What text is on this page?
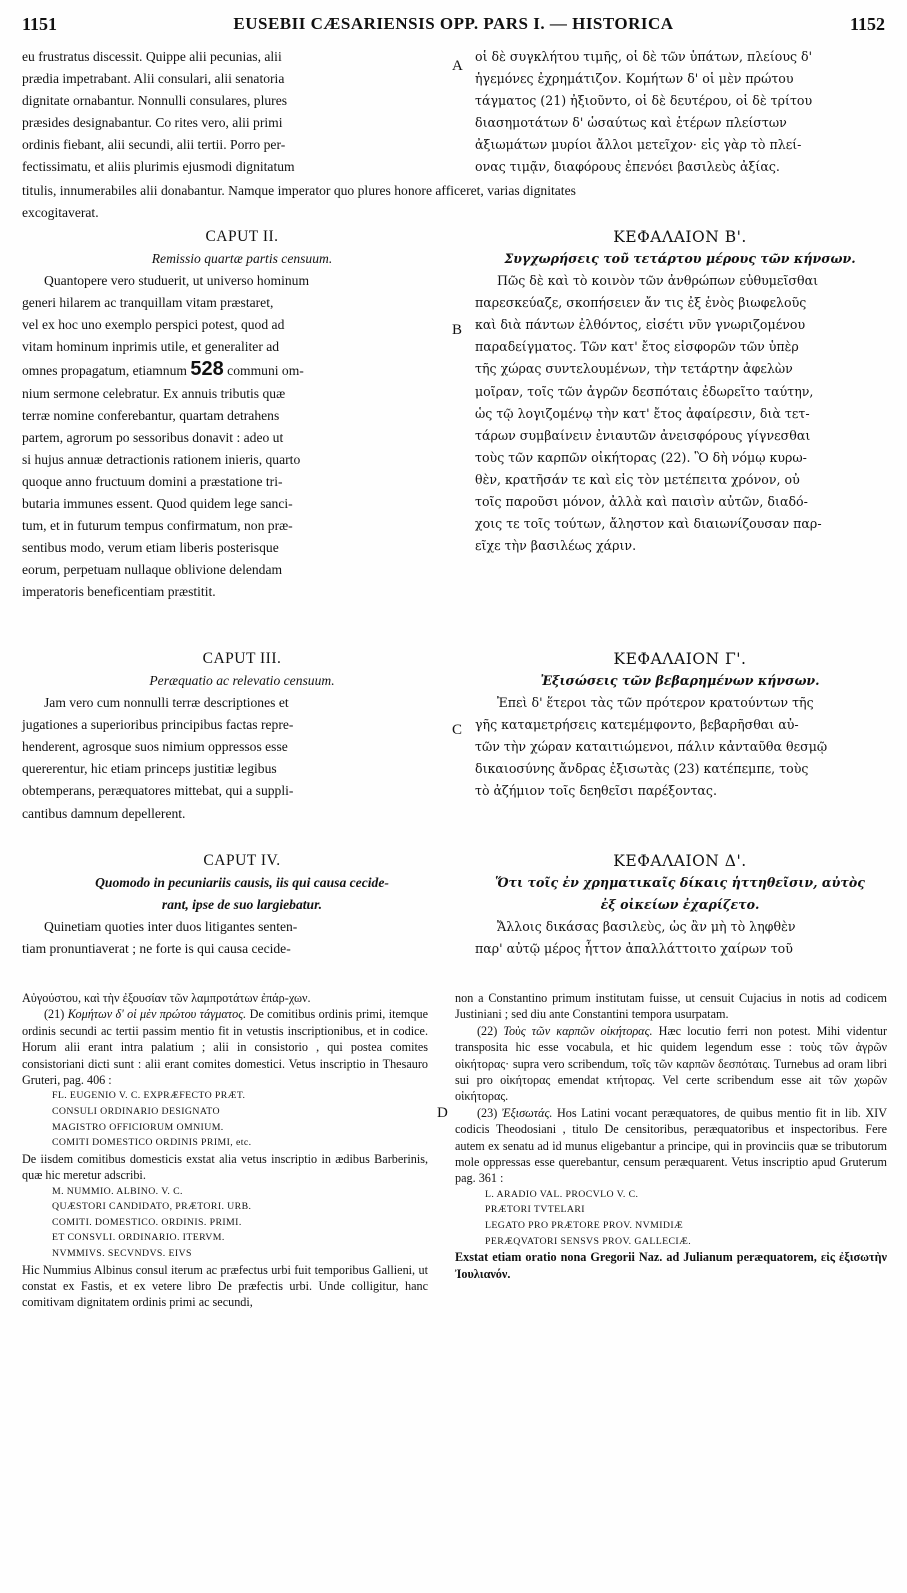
1151	EUSEBII CÆSARIENSIS OPP. PARS I. — HISTORICA	1152
A
B
C
D

eu frustratus discessit. Quippe alii pecunias, alii

prædia impetrabant. Alii consulari, alii senatoria

dignitate ornabantur. Nonnulli consulares, plures

præsides designabantur. Co rites vero, alii primi

ordinis fiebant, alii secundi, alii tertii. Porro per-

fectissimatu, et aliis plurimis ejusmodi dignitatum

οἱ δὲ συγκλήτου τιμῆς, οἱ δὲ τῶν ὑπάτων, πλείους δ'

ἡγεμόνες ἐχρημάτιζον. Κομήτων δ' οἱ μὲν πρώτου

τάγματος (21) ἠξιοῦντο, οἱ δὲ δευτέρου, οἱ δὲ τρίτου

διασημοτάτων δ' ὡσαύτως καὶ ἑτέρων πλείστων

ἀξιωμάτων μυρίοι ἄλλοι μετεῖχον· εἰς γὰρ τὸ πλεί-

ονας τιμᾷν, διαφόρους ἐπενόει βασιλεὺς ἀξίας.

titulis, innumerabiles alii donabantur. Namque imperator quo plures honore afficeret, varias dignitates

excogitaverat.

CAPUT II.

Remissio quartæ partis censuum.

Quantopere vero studuerit, ut universo hominum

generi hilarem ac tranquillam vitam præstaret,

vel ex hoc uno exemplo perspici potest, quod ad

vitam hominum inprimis utile, et generaliter ad

omnes propagatum, etiamnum 528 communi om-

nium sermone celebratur. Ex annuis tributis quæ

terræ nomine conferebantur, quartam detrahens

partem, agrorum po sessoribus donavit : adeo ut

si hujus annuæ detractionis rationem inieris, quarto

quoque anno fructuum domini a præstatione tri-

butaria immunes essent. Quod quidem lege sanci-

tum, et in futurum tempus confirmatum, non præ-

sentibus modo, verum etiam liberis posterisque

eorum, perpetuam nullaque oblivione delendam

imperatoris beneficentiam præstitit.

ΚΕΦΑΛΑΙΟΝ Β'.

Συγχωρήσεις τοῦ τετάρτου μέρους τῶν κήνσων.

Πῶς δὲ καὶ τὸ κοινὸν τῶν ἀνθρώπων εὐθυμεῖσθαι

παρεσκεύαζε, σκοπήσειεν ἄν τις ἐξ ἑνὸς βιωφελοῦς

καὶ διὰ πάντων ἐλθόντος, εἰσέτι νῦν γνωριζομένου

παραδείγματος. Τῶν κατ' ἔτος εἰσφορῶν τῶν ὑπὲρ

τῆς χώρας συντελουμένων, τὴν τετάρτην ἀφελὼν

μοῖραν, τοῖς τῶν ἀγρῶν δεσπόταις ἐδωρεῖτο ταύτην,

ὡς τῷ λογιζομένῳ τὴν κατ' ἔτος ἀφαίρεσιν, διὰ τετ-

τάρων συμβαίνειν ἐνιαυτῶν ἀνεισφόρους γίγνεσθαι

τοὺς τῶν καρπῶν οἰκήτορας (22). Ὃ δὴ νόμῳ κυρω-

θὲν, κρατῆσάν τε καὶ εἰς τὸν μετέπειτα χρόνον, οὐ

τοῖς παροῦσι μόνον, ἀλλὰ καὶ παισὶν αὐτῶν, διαδό-

χοις τε τοῖς τούτων, ἄληστον καὶ διαιωνίζουσαν παρ-

εῖχε τὴν βασιλέως χάριν.

CAPUT III.

Peræquatio ac relevatio censuum.

Jam vero cum nonnulli terræ descriptiones et

jugationes a superioribus principibus factas repre-

henderent, agrosque suos nimium oppressos esse

quererentur, hic etiam princeps justitiæ legibus

obtemperans, peræquatores mittebat, qui a suppli-

cantibus damnum depellerent.

ΚΕΦΑΛΑΙΟΝ Γ'.

Ἐξισώσεις τῶν βεβαρημένων κήνσων.

Ἐπεὶ δ' ἕτεροι τὰς τῶν πρότερον κρατούντων τῆς

γῆς καταμετρήσεις κατεμέμφοντο, βεβαρῆσθαι αὐ-

τῶν τὴν χώραν καταιτιώμενοι, πάλιν κἀνταῦθα θεσμῷ

δικαιοσύνης ἄνδρας ἐξισωτὰς (23) κατέπεμπε, τοὺς

τὸ ἀζήμιον τοῖς δεηθεῖσι παρέξοντας.

CAPUT IV.

Quomodo in pecuniariis causis, iis qui causa cecide-

rant, ipse de suo largiebatur.

Quinetiam quoties inter duos litigantes senten-

tiam pronuntiaverat ; ne forte is qui causa cecide-

ΚΕΦΑΛΑΙΟΝ Δ'.

Ὅτι τοῖς ἐν χρηματικαῖς δίκαις ἡττηθεῖσιν, αὐτὸς

ἐξ οἰκείων ἐχαρίζετο.

Ἄλλοις δικάσας βασιλεὺς, ὡς ἂν μὴ τὸ ληφθὲν

παρ' αὐτῷ μέρος ἧττον ἀπαλλάττοιτο χαίρων τοῦ

Αὐγούστου, καὶ τὴν ἐξουσίαν τῶν λαμπροτάτων ἐπάρ-χων.

(21) Κομήτων δ' οἱ μὲν πρώτου τάγματος. De comitibus ordinis primi, itemque ordinis secundi ac tertii passim mentio fit in vetustis inscriptionibus, et in codice. Horum alii erant intra palatium ; alii in consistorio , qui postea comites consistoriani dicti sunt : alii erant comites domestici. Vetus inscriptio in Thesauro Gruteri, pag. 406 :

FL. EUGENIO V. C. EXPRÆFECTO PRÆT.

CONSULI ORDINARIO DESIGNATO

MAGISTRO OFFICIORUM OMNIUM.

COMITI DOMESTICO ORDINIS PRIMI, etc.

De iisdem comitibus domesticis exstat alia vetus inscriptio in ædibus Barberinis, quæ hic meretur adscribi.

M. NUMMIO. ALBINO. V. C.

QUÆSTORI CANDIDATO, PRÆTORI. URB.

COMITI. DOMESTICO. ORDINIS. PRIMI.

ET CONSVLI. ORDINARIO. ITERVM.

NVMMIVS. SECVNDVS. EIVS

Hic Nummius Albinus consul iterum ac præfectus urbi fuit temporibus Gallieni, ut constat ex Fastis, et ex vetere libro De præfectis urbi. Unde colligitur, hanc comitivam dignitatem ordinis primi ac secundi,

non a Constantino primum institutam fuisse, ut censuit Cujacius in notis ad codicem Justiniani ; sed diu ante Constantini tempora usurpatam.

(22) Τοὺς τῶν καρπῶν οἰκήτορας. Hæc locutio ferri non potest. Mihi videntur transposita hic esse vocabula, et hic quidem legendum esse : τοὺς τῶν ἀγρῶν οἰκήτορας· supra vero scribendum, τοῖς τῶν καρπῶν δεσπόταις. Turnebus ad oram libri sui pro οἰκήτορας emendat κτήτορας. Vel certe scribendum esse ait τῶν χωρῶν οἰκήτορας.

(23) Ἐξισωτάς. Hos Latini vocant peræquatores, de quibus mentio fit in lib. XIV codicis Theodosiani , titulo De censitoribus, peræquatoribus et inspectoribus. Fere autem ex senatu ad id munus eligebantur a principe, qui in provinciis quæ se tributorum mole oppressas esse querebantur, censum peræquarent. Vetus inscriptio apud Gruterum pag. 361 :

L. ARADIO VAL. PROCVLO V. C.

PRÆTORI TVTELARI

LEGATO PRO PRÆTORE PROV. NVMIDIÆ

PERÆQVATORI SENSVS PROV. GALLECIÆ.

Exstat etiam oratio nona Gregorii Naz. ad Julianum peræquatorem, εἰς ἐξισωτὴν Ἰουλιανόν.
